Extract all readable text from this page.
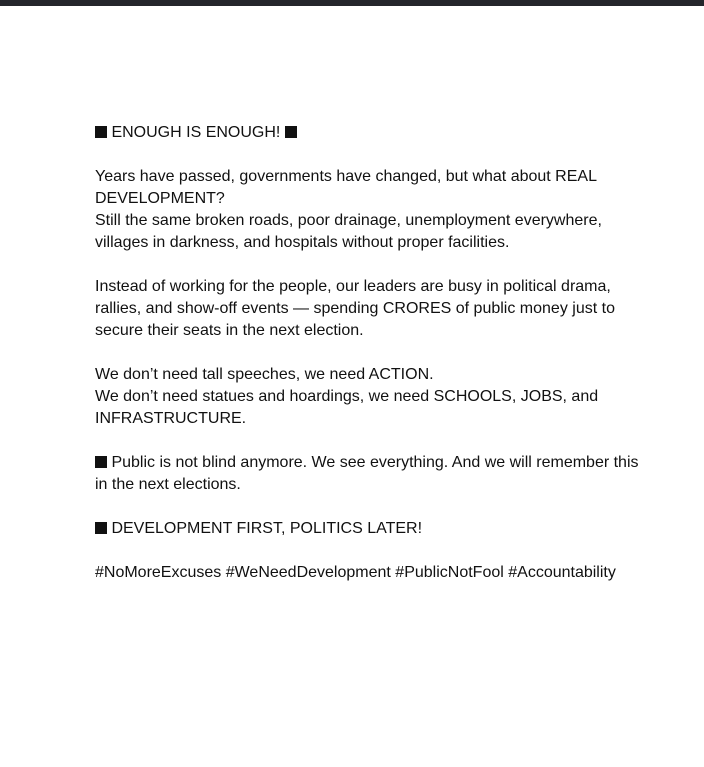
ENOUGH IS ENOUGH!

Years have passed, governments have changed, but what about REAL DEVELOPMENT?
Still the same broken roads, poor drainage, unemployment everywhere, villages in darkness, and hospitals without proper facilities.

Instead of working for the people, our leaders are busy in political drama, rallies, and show-off events — spending CRORES of public money just to secure their seats in the next election.

We don’t need tall speeches, we need ACTION.
We don’t need statues and hoardings, we need SCHOOLS, JOBS, and INFRASTRUCTURE.

Public is not blind anymore. We see everything. And we will remember this in the next elections.

DEVELOPMENT FIRST, POLITICS LATER!

#NoMoreExcuses #WeNeedDevelopment #PublicNotFool #Accountability
